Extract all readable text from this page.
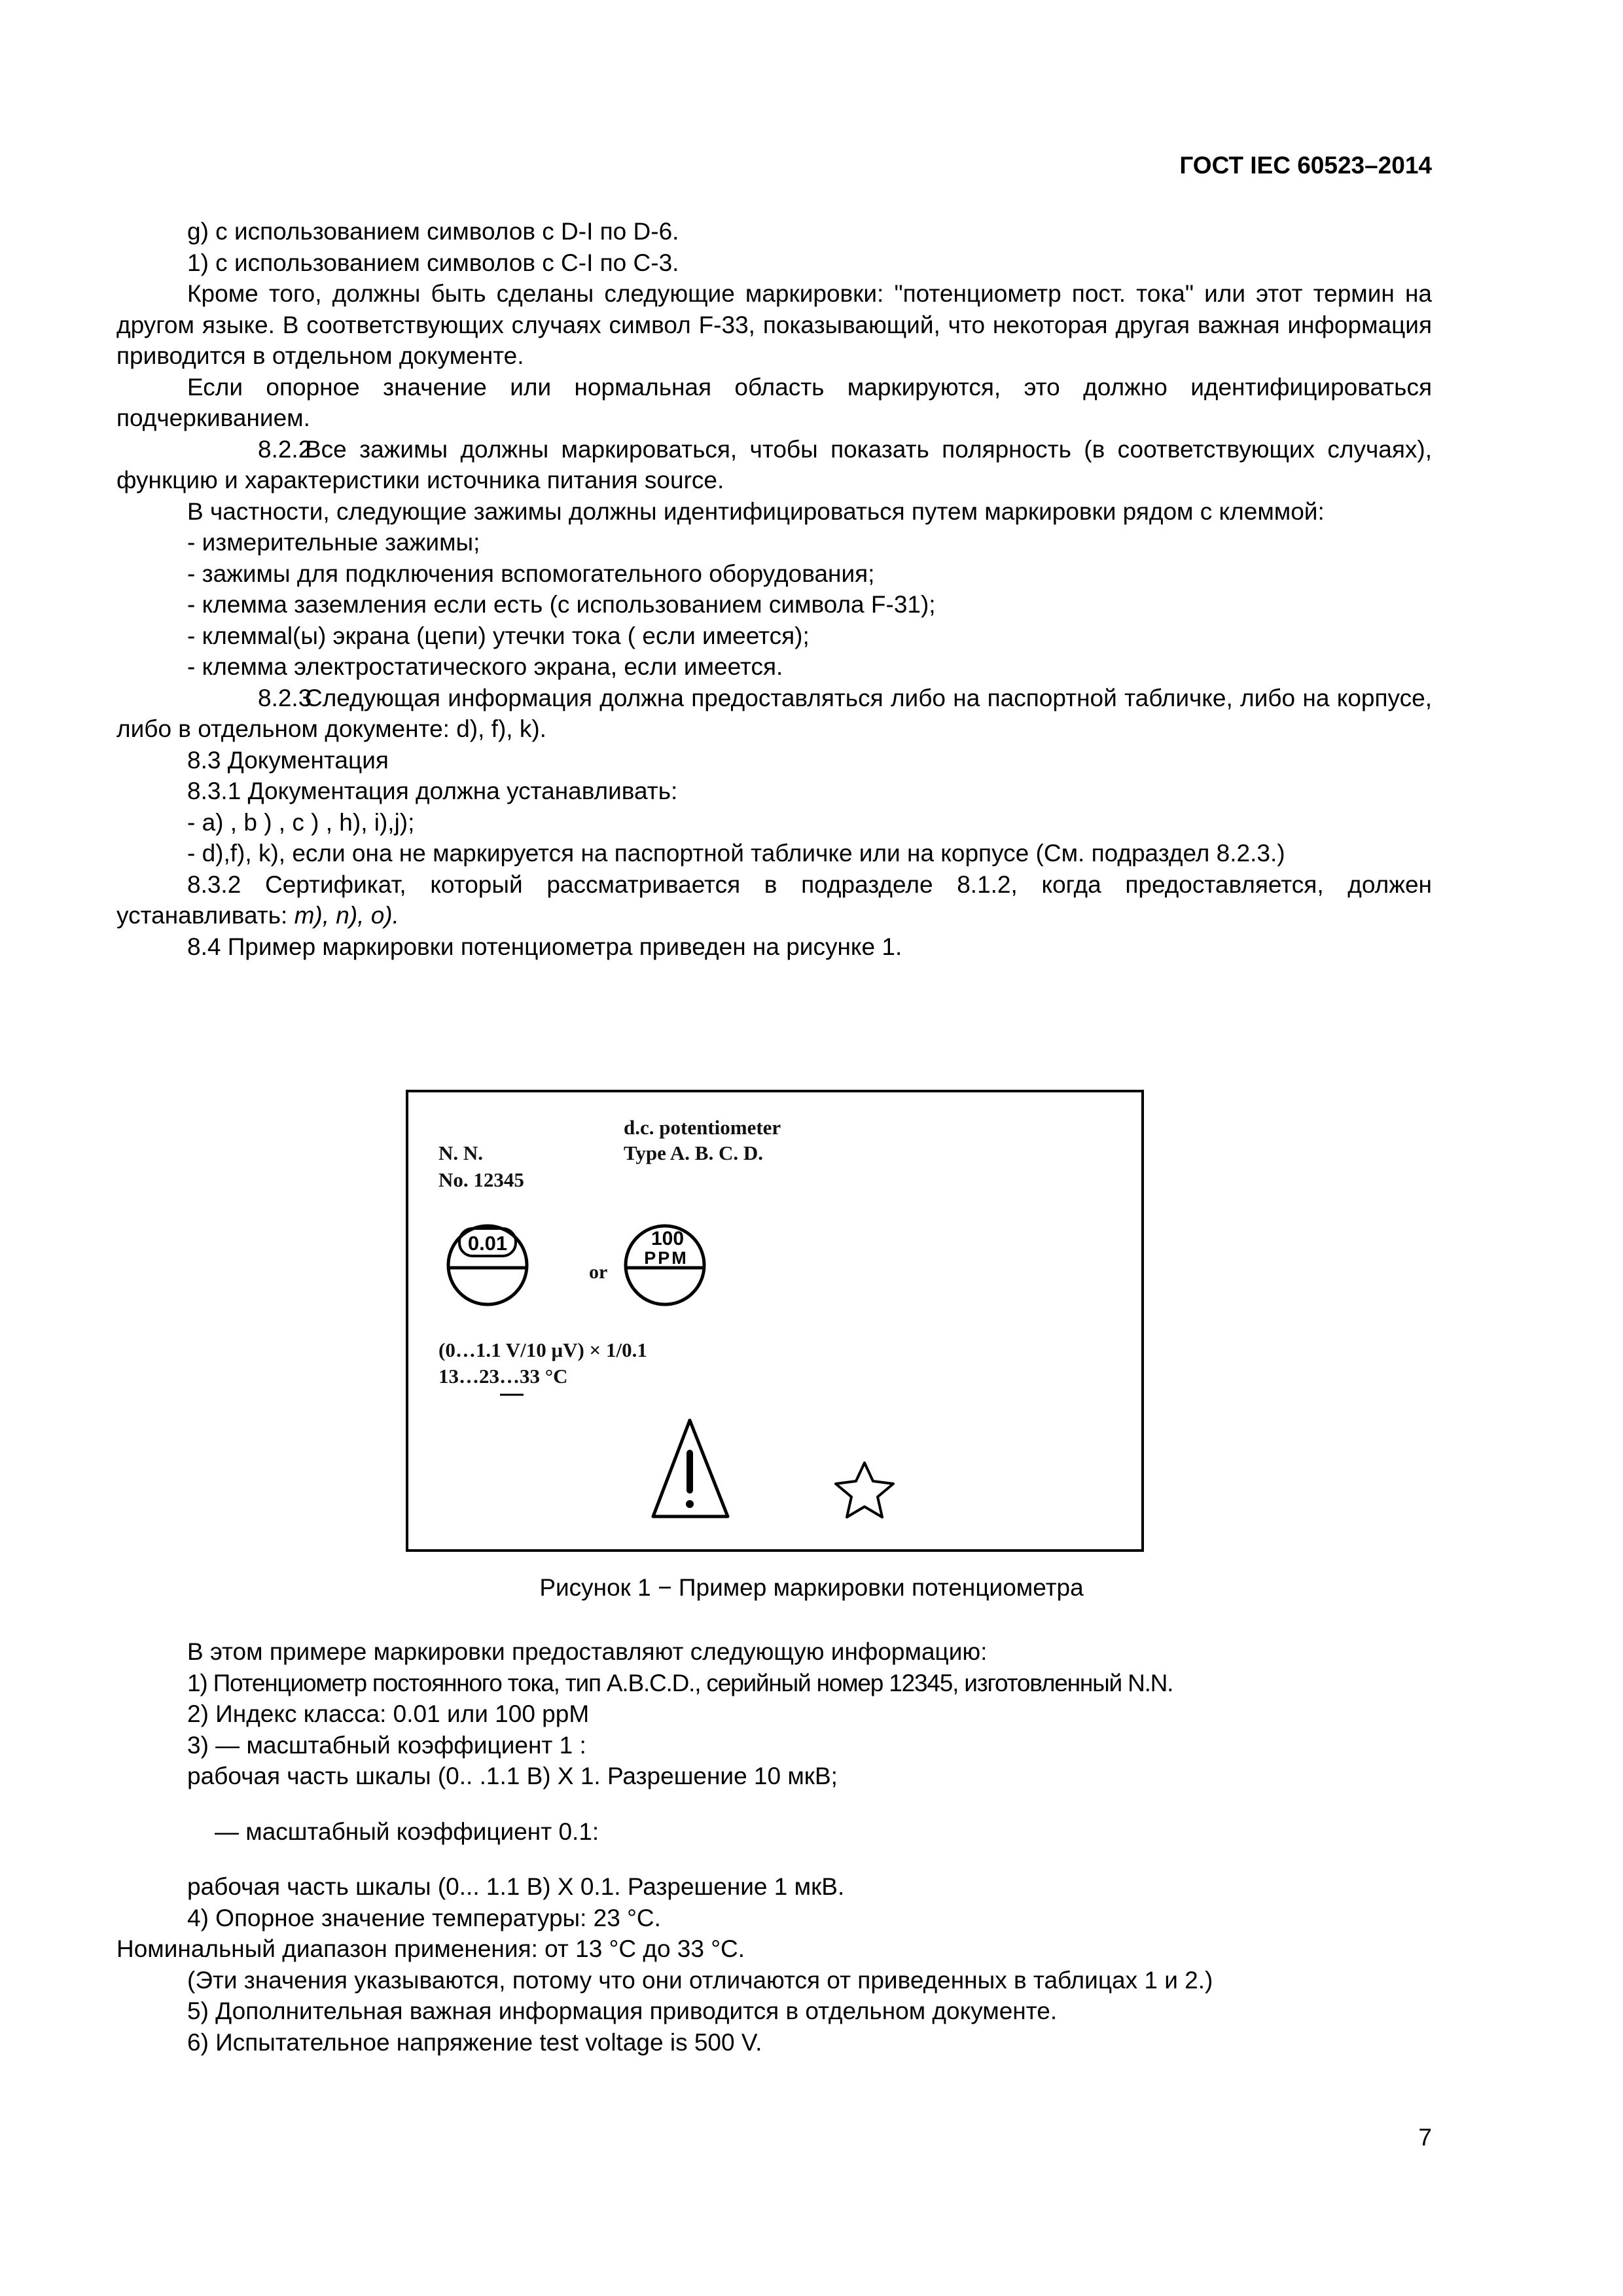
ГОСТ IEC 60523–2014

g) с использованием символов с D-I по D-6.

1) с использованием символов с C-I по C-3.

Кроме того, должны быть сделаны следующие маркировки: "потенциометр пост. тока" или этот термин на другом языке. В соответствующих случаях символ F-33, показывающий, что некоторая другая важная информация приводится в отдельном документе.

Если опорное значение или нормальная область маркируются, это должно идентифицироваться подчеркиванием.

8.2.2Все зажимы должны маркироваться, чтобы показать полярность (в соответствующих случаях), функцию и характеристики источника питания source.

В частности, следующие зажимы должны идентифицироваться путем маркировки рядом с клеммой:

- измерительные зажимы;

- зажимы для подключения вспомогательного оборудования;

- клемма заземления если есть (с использованием символа F-31);

- клеммаl(ы) экрана (цепи) утечки тока ( если имеется);

- клемма электростатического экрана, если имеется.

8.2.3Следующая информация должна предоставляться либо на паспортной табличке, либо на корпусе, либо в отдельном документе: d), f), k).

8.3 Документация

8.3.1 Документация должна устанавливать:

- a) , b ) , c ) , h), i),j);

- d),f), k), если она не маркируется на паспортной табличке или на корпусе (См. подраздел 8.2.3.)

8.3.2 Сертификат, который рассматривается в подразделе 8.1.2, когда предоставляется, должен устанавливать: m), n), o).

8.4 Пример маркировки потенциометра приведен на рисунке 1.

d.c. potentiometer
N. N.	Type A. B. C. D.
No. 12345
0.01
or
100
PPM
(0…1.1 V/10 μV) × 1/0.1
13…23…33 °C
Рисунок 1 − Пример маркировки потенциометра

В этом примере маркировки предоставляют следующую информацию:

1) Потенциометр постоянного тока, тип A.B.C.D., серийный номер 12345, изготовленный N.N.

2) Индекс класса: 0.01 или 100 ppM

3) — масштабный коэффициент 1 :

рабочая часть шкалы (0.. .1.1 В) X 1. Разрешение 10 мкВ;

— масштабный коэффициент 0.1:

рабочая часть шкалы (0... 1.1 В) X 0.1. Разрешение 1 мкВ.

4) Опорное значение температуры: 23 °С.

Номинальный диапазон применения: от 13 °С до 33 °С.

(Эти значения указываются, потому что они отличаются от приведенных в таблицах 1 и 2.)

5) Дополнительная важная информация приводится в отдельном документе.

6) Испытательное напряжение test voltage is 500 V.

7
